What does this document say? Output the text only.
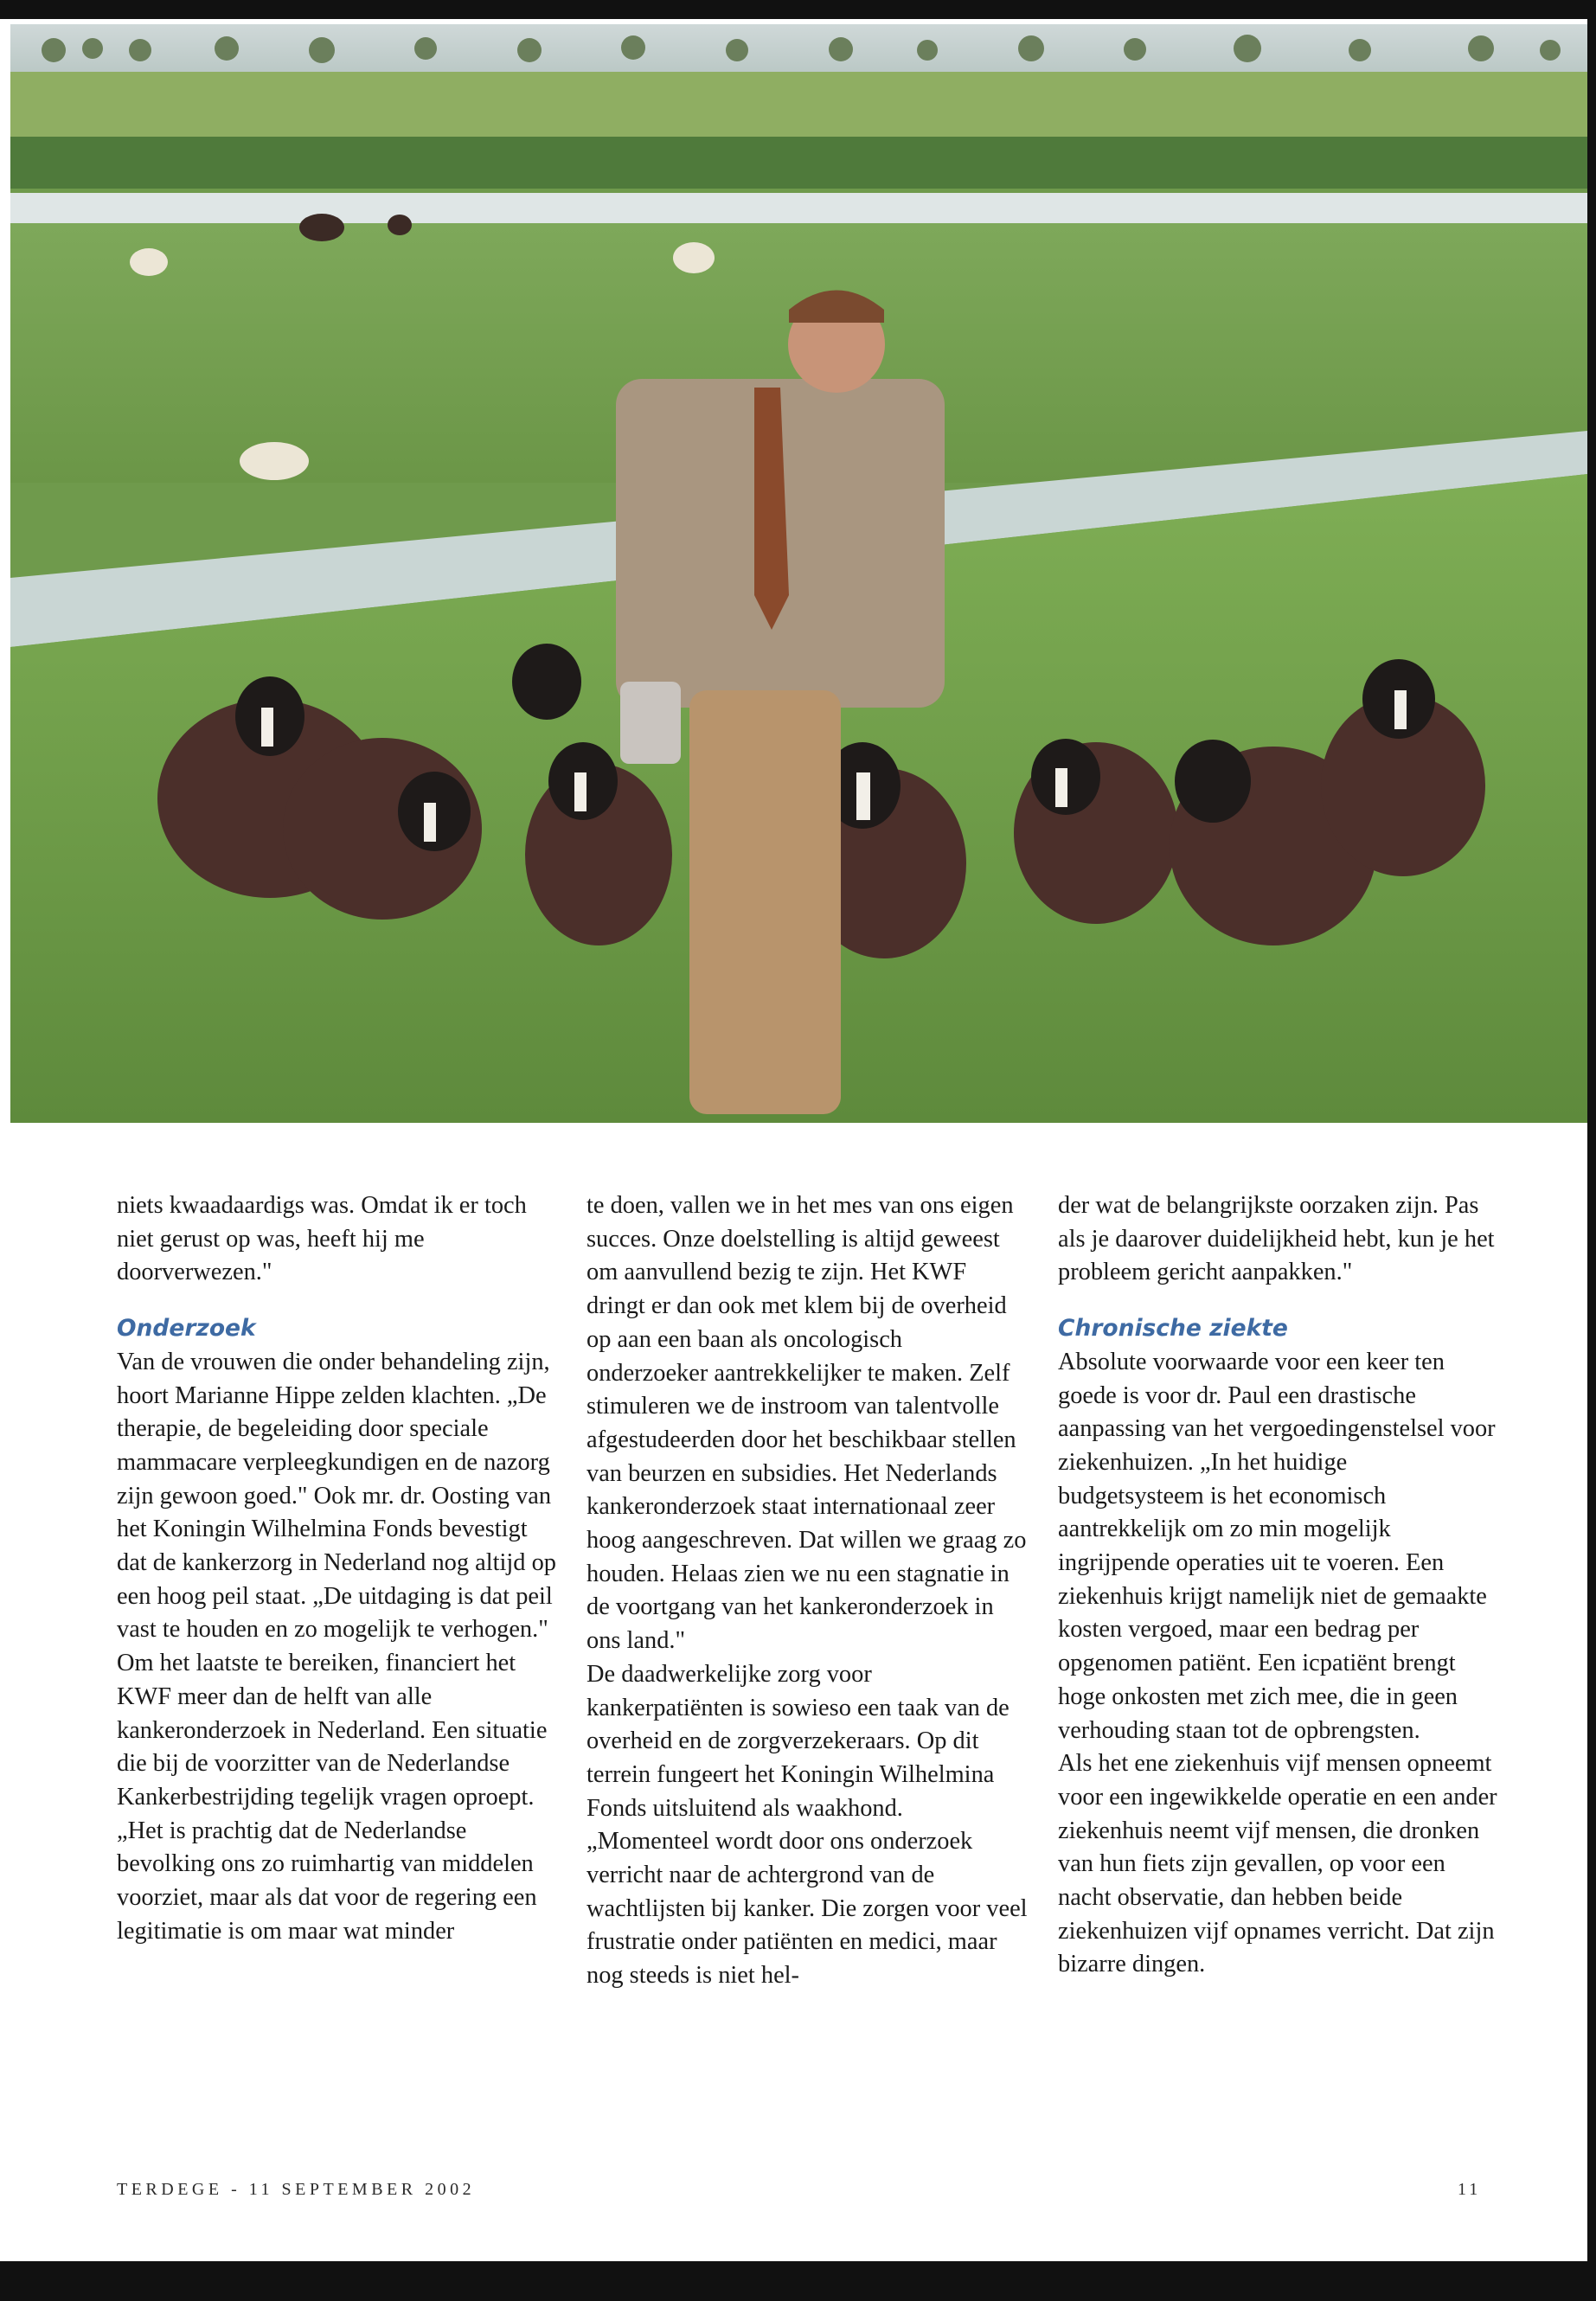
niets kwaadaardigs was. Omdat ik er toch niet gerust op was, heeft hij me doorverwezen."

Onderzoek

Van de vrouwen die onder behandeling zijn, hoort Marianne Hippe zelden klachten. „De therapie, de begeleiding door speciale mammacare verpleegkundigen en de nazorg zijn gewoon goed." Ook mr. dr. Oosting van het Koningin Wilhelmina Fonds bevestigt dat de kankerzorg in Nederland nog altijd op een hoog peil staat. „De uitdaging is dat peil vast te houden en zo mogelijk te verhogen."

Om het laatste te bereiken, financiert het KWF meer dan de helft van alle kankeronderzoek in Nederland. Een situatie die bij de voorzitter van de Nederlandse Kankerbestrijding tegelijk vragen oproept. „Het is prachtig dat de Nederlandse bevolking ons zo ruimhartig van middelen voorziet, maar als dat voor de regering een legitimatie is om maar wat minder

te doen, vallen we in het mes van ons eigen succes. Onze doelstelling is altijd geweest om aanvullend bezig te zijn. Het KWF dringt er dan ook met klem bij de overheid op aan een baan als oncologisch onderzoeker aantrekkelijker te maken. Zelf stimuleren we de instroom van talentvolle afgestudeerden door het beschikbaar stellen van beurzen en subsidies. Het Nederlands kankeronderzoek staat internationaal zeer hoog aangeschreven. Dat willen we graag zo houden. Helaas zien we nu een stagnatie in de voortgang van het kankeronderzoek in ons land."

De daadwerkelijke zorg voor kankerpatiënten is sowieso een taak van de overheid en de zorgverzekeraars. Op dit terrein fungeert het Koningin Wilhelmina Fonds uitsluitend als waakhond. „Momenteel wordt door ons onderzoek verricht naar de achtergrond van de wachtlijsten bij kanker. Die zorgen voor veel frustratie onder patiënten en medici, maar nog steeds is niet hel-

der wat de belangrijkste oorzaken zijn. Pas als je daarover duidelijkheid hebt, kun je het probleem gericht aanpakken."

Chronische ziekte

Absolute voorwaarde voor een keer ten goede is voor dr. Paul een drastische aanpassing van het vergoedingenstelsel voor ziekenhuizen. „In het huidige budgetsysteem is het economisch aantrekkelijk om zo min mogelijk ingrijpende operaties uit te voeren. Een ziekenhuis krijgt namelijk niet de gemaakte kosten vergoed, maar een bedrag per opgenomen patiënt. Een icpatiënt brengt hoge onkosten met zich mee, die in geen verhouding staan tot de opbrengsten.

Als het ene ziekenhuis vijf mensen opneemt voor een ingewikkelde operatie en een ander ziekenhuis neemt vijf mensen, die dronken van hun fiets zijn gevallen, op voor een nacht observatie, dan hebben beide ziekenhuizen vijf opnames verricht. Dat zijn bizarre dingen.

TERDEGE - 11 SEPTEMBER 2002	11
